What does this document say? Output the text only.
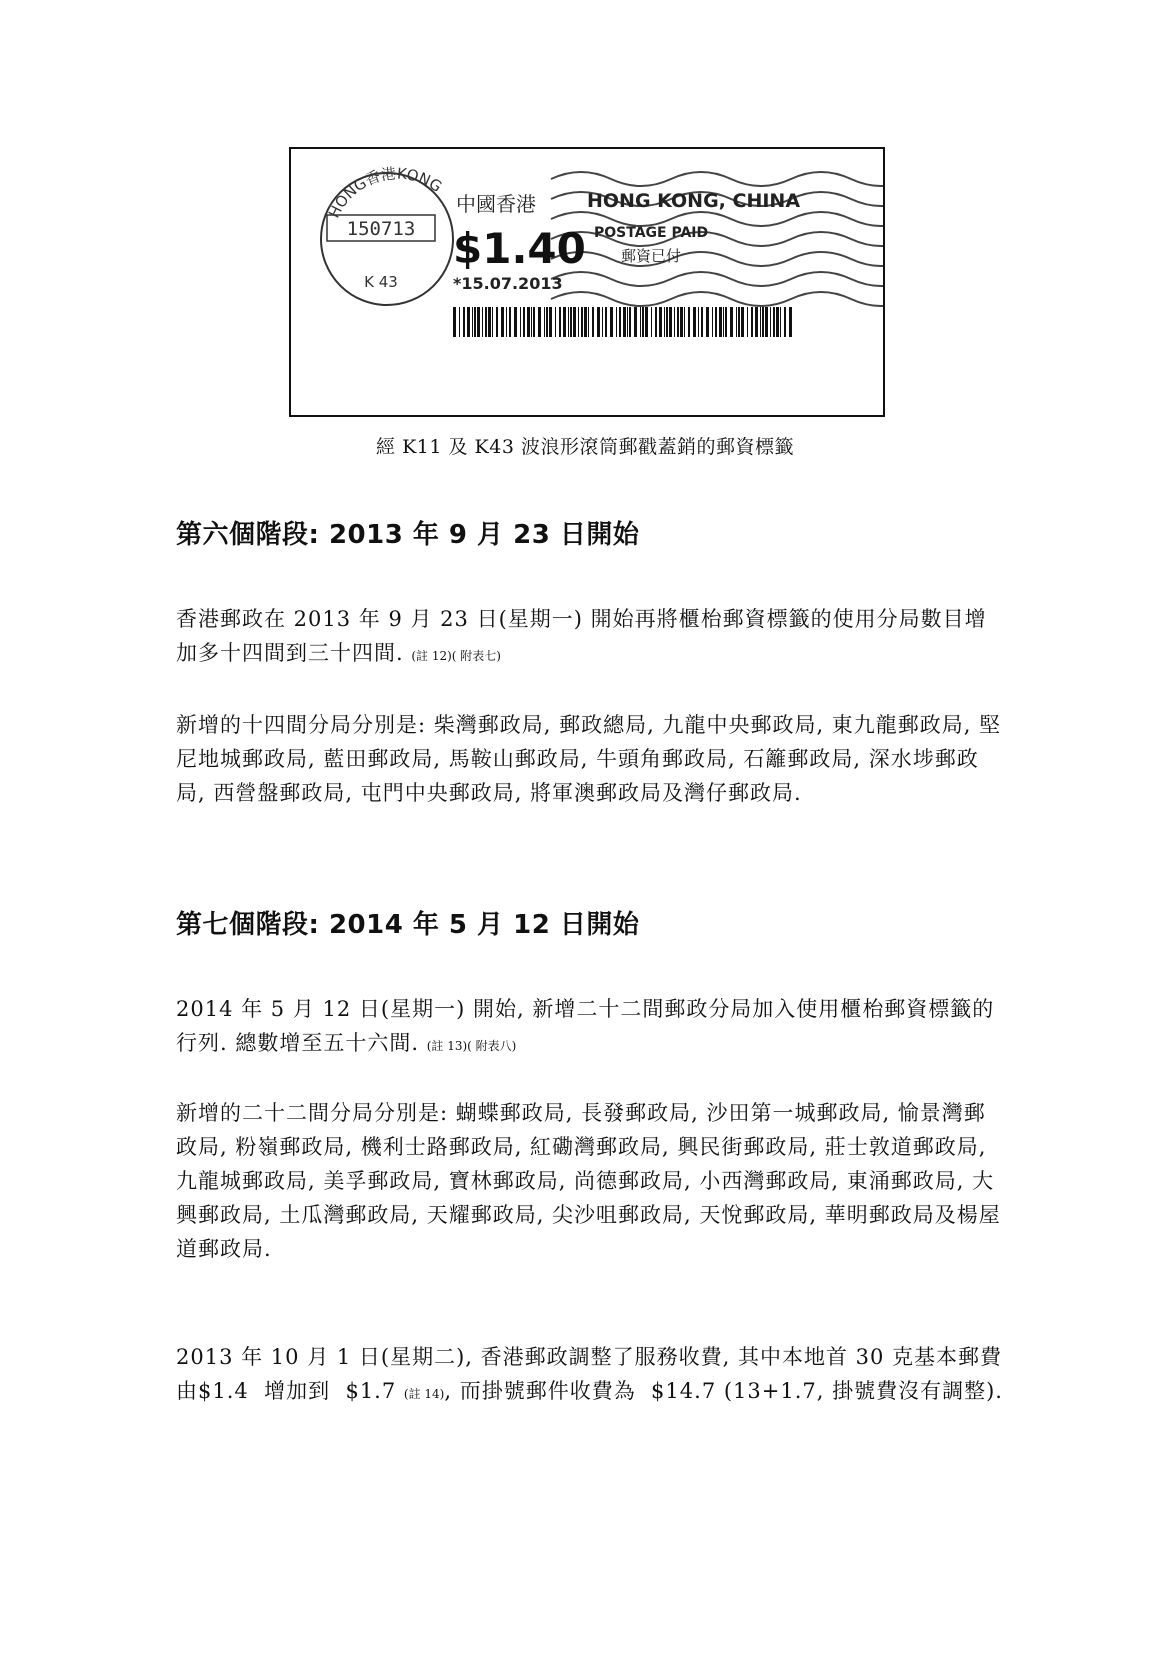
HONG香港KONG
150713
K 43
中國香港	HONG KONG, CHINA
$1.40 POSTAGE PAID
郵資已付
*15.07.2013
經 K11 及 K43 波浪形滾筒郵戳蓋銷的郵資標籤
第六個階段: 2013 年 9 月 23 日開始
香港郵政在 2013 年 9 月 23 日(星期一) 開始再將櫃枱郵資標籤的使用分局數目增加多十四間到三十四間. (註 12)( 附表七)
新增的十四間分局分別是: 柴灣郵政局, 郵政總局, 九龍中央郵政局, 東九龍郵政局, 堅尼地城郵政局, 藍田郵政局, 馬鞍山郵政局, 牛頭角郵政局, 石籬郵政局, 深水埗郵政局, 西營盤郵政局, 屯門中央郵政局, 將軍澳郵政局及灣仔郵政局.
第七個階段: 2014 年 5 月 12 日開始
2014 年 5 月 12 日(星期一) 開始, 新增二十二間郵政分局加入使用櫃枱郵資標籤的行列. 總數增至五十六間. (註 13)( 附表八)
新增的二十二間分局分別是: 蝴蝶郵政局, 長發郵政局, 沙田第一城郵政局, 愉景灣郵政局, 粉嶺郵政局, 機利士路郵政局, 紅磡灣郵政局, 興民街郵政局, 莊士敦道郵政局, 九龍城郵政局, 美孚郵政局, 寶林郵政局, 尚德郵政局, 小西灣郵政局, 東涌郵政局, 大興郵政局, 土瓜灣郵政局, 天耀郵政局, 尖沙咀郵政局, 天悅郵政局, 華明郵政局及楊屋道郵政局.
2013 年 10 月 1 日(星期二), 香港郵政調整了服務收費, 其中本地首 30 克基本郵費由$1.4  增加到  $1.7 (註 14), 而掛號郵件收費為  $14.7 (13+1.7, 掛號費沒有調整).
